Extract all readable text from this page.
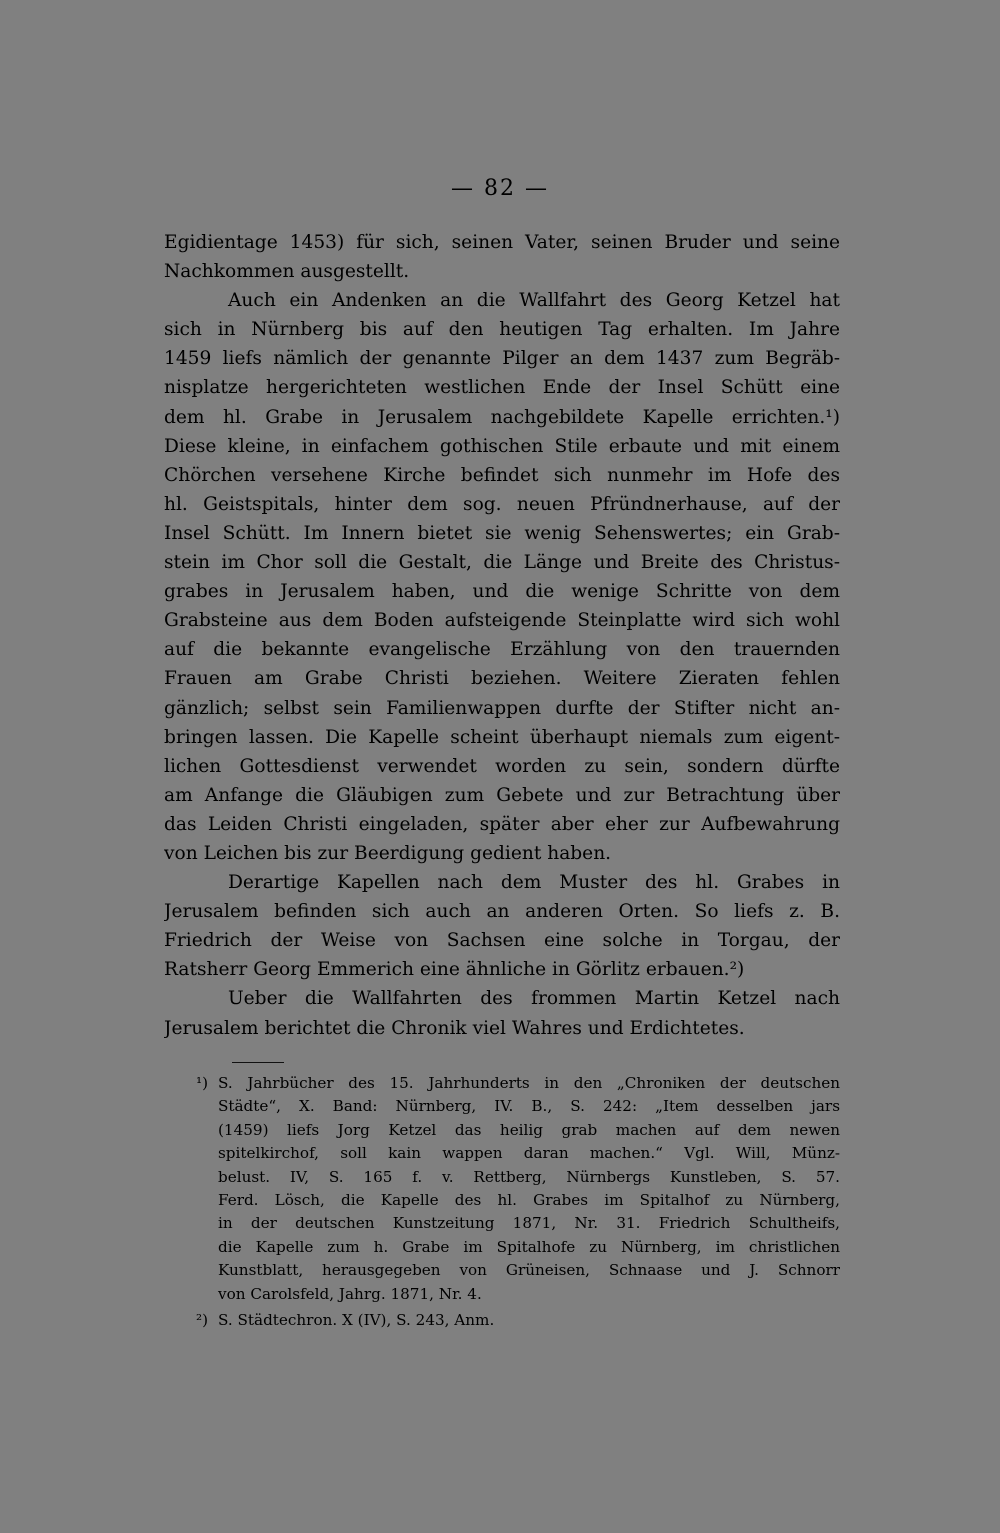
— 82 —
Egidientage 1453) für sich, seinen Vater, seinen Bruder und seine
Nachkommen ausgestellt.
Auch ein Andenken an die Wallfahrt des Georg Ketzel hat
sich in Nürnberg bis auf den heutigen Tag erhalten. Im Jahre
1459 liefs nämlich der genannte Pilger an dem 1437 zum Begräb-
nisplatze hergerichteten westlichen Ende der Insel Schütt eine
dem hl. Grabe in Jerusalem nachgebildete Kapelle errichten.¹)
Diese kleine, in einfachem gothischen Stile erbaute und mit einem
Chörchen versehene Kirche befindet sich nunmehr im Hofe des
hl. Geistspitals, hinter dem sog. neuen Pfründnerhause, auf der
Insel Schütt. Im Innern bietet sie wenig Sehenswertes; ein Grab-
stein im Chor soll die Gestalt, die Länge und Breite des Christus-
grabes in Jerusalem haben, und die wenige Schritte von dem
Grabsteine aus dem Boden aufsteigende Steinplatte wird sich wohl
auf die bekannte evangelische Erzählung von den trauernden
Frauen am Grabe Christi beziehen. Weitere Zieraten fehlen
gänzlich; selbst sein Familienwappen durfte der Stifter nicht an-
bringen lassen. Die Kapelle scheint überhaupt niemals zum eigent-
lichen Gottesdienst verwendet worden zu sein, sondern dürfte
am Anfange die Gläubigen zum Gebete und zur Betrachtung über
das Leiden Christi eingeladen, später aber eher zur Aufbewahrung
von Leichen bis zur Beerdigung gedient haben.
Derartige Kapellen nach dem Muster des hl. Grabes in
Jerusalem befinden sich auch an anderen Orten. So liefs z. B.
Friedrich der Weise von Sachsen eine solche in Torgau, der
Ratsherr Georg Emmerich eine ähnliche in Görlitz erbauen.²)
Ueber die Wallfahrten des frommen Martin Ketzel nach
Jerusalem berichtet die Chronik viel Wahres und Erdichtetes.
¹) S. Jahrbücher des 15. Jahrhunderts in den „Chroniken der deutschen
Städte“, X. Band: Nürnberg, IV. B., S. 242: „Item desselben jars
(1459) liefs Jorg Ketzel das heilig grab machen auf dem newen
spitelkirchof, soll kain wappen daran machen.“ Vgl. Will, Münz-
belust. IV, S. 165 f. v. Rettberg, Nürnbergs Kunstleben, S. 57.
Ferd. Lösch, die Kapelle des hl. Grabes im Spitalhof zu Nürnberg,
in der deutschen Kunstzeitung 1871, Nr. 31. Friedrich Schultheifs,
die Kapelle zum h. Grabe im Spitalhofe zu Nürnberg, im christlichen
Kunstblatt, herausgegeben von Grüneisen, Schnaase und J. Schnorr
von Carolsfeld, Jahrg. 1871, Nr. 4.
²) S. Städtechron. X (IV), S. 243, Anm.
